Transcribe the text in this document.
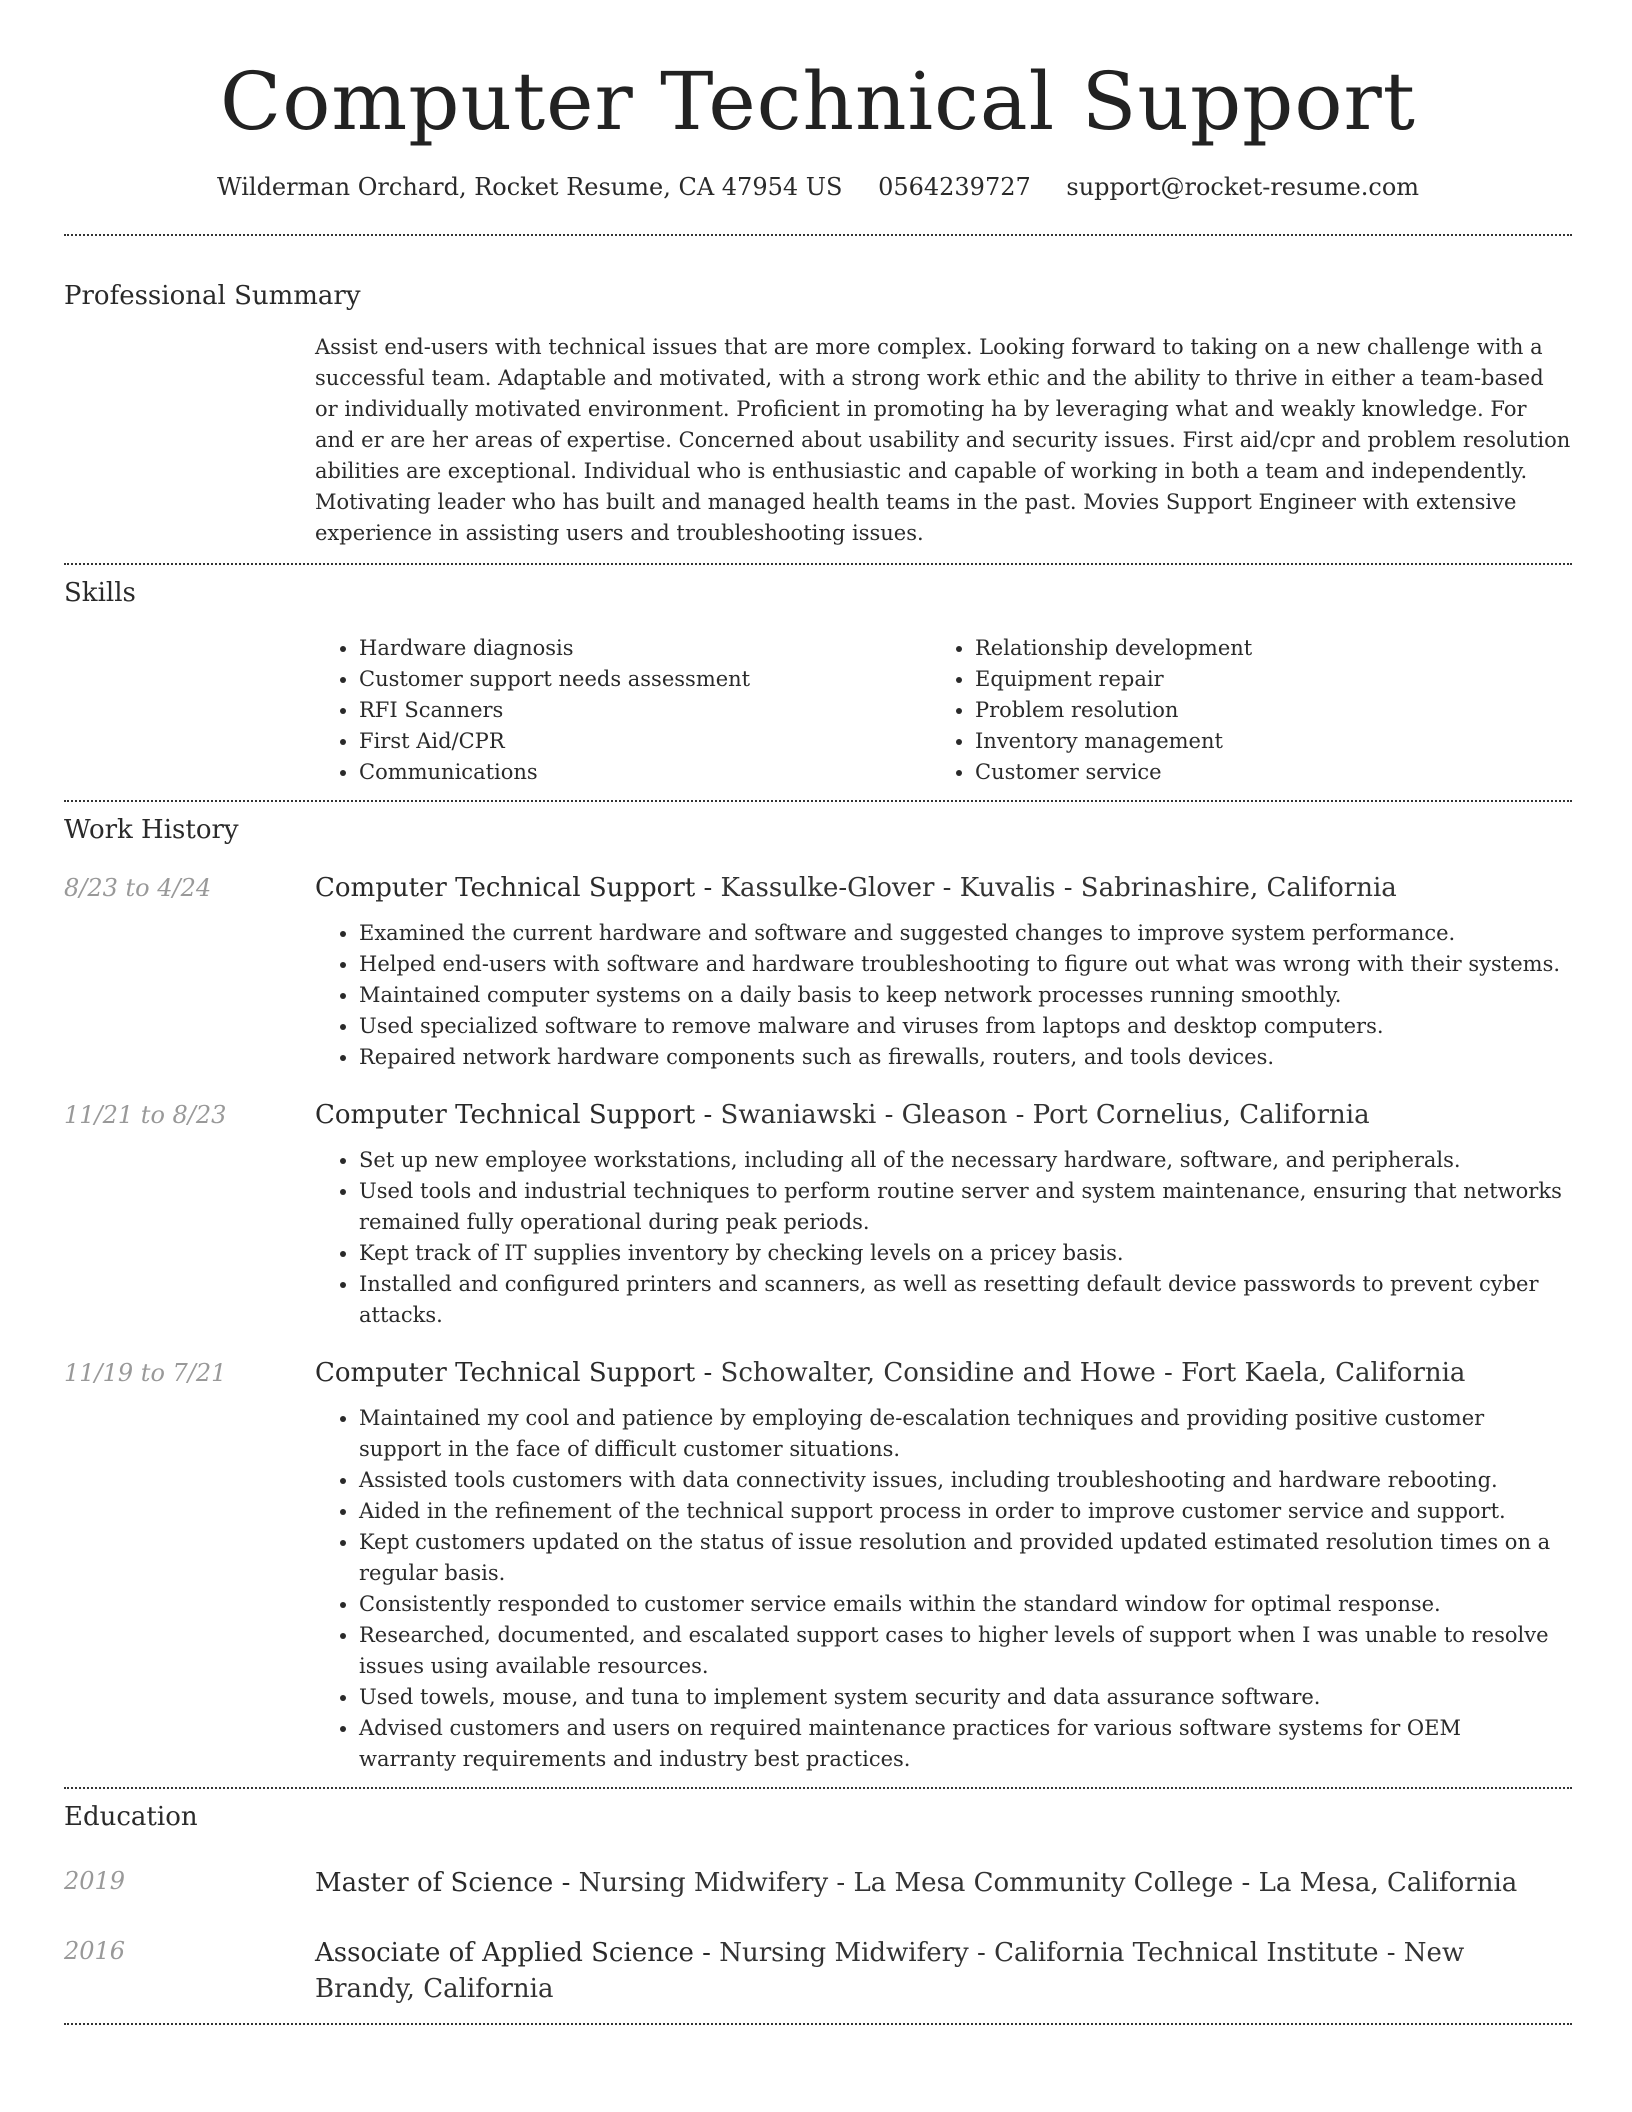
Computer Technical Support
Wilderman Orchard, Rocket Resume, CA 47954 US 0564239727 support@rocket-resume.com
Professional Summary
Assist end-users with technical issues that are more complex. Looking forward to taking on a new challenge with a successful team. Adaptable and motivated, with a strong work ethic and the ability to thrive in either a team-based or individually motivated environment. Proficient in promoting ha by leveraging what and weakly knowledge. For and er are her areas of expertise. Concerned about usability and security issues. First aid/cpr and problem resolution abilities are exceptional. Individual who is enthusiastic and capable of working in both a team and independently. Motivating leader who has built and managed health teams in the past. Movies Support Engineer with extensive experience in assisting users and troubleshooting issues.
Skills
• Hardware diagnosis
• Customer support needs assessment
• RFI Scanners
• First Aid/CPR
• Communications
• Relationship development
• Equipment repair
• Problem resolution
• Inventory management
• Customer service
Work History
8/23 to 4/24	Computer Technical Support - Kassulke-Glover - Kuvalis - Sabrinashire, California
• Examined the current hardware and software and suggested changes to improve system performance.
• Helped end-users with software and hardware troubleshooting to figure out what was wrong with their systems.
• Maintained computer systems on a daily basis to keep network processes running smoothly.
• Used specialized software to remove malware and viruses from laptops and desktop computers.
• Repaired network hardware components such as firewalls, routers, and tools devices.
11/21 to 8/23	Computer Technical Support - Swaniawski - Gleason - Port Cornelius, California
• Set up new employee workstations, including all of the necessary hardware, software, and peripherals.
• Used tools and industrial techniques to perform routine server and system maintenance, ensuring that networks remained fully operational during peak periods.
• Kept track of IT supplies inventory by checking levels on a pricey basis.
• Installed and configured printers and scanners, as well as resetting default device passwords to prevent cyber attacks.
11/19 to 7/21	Computer Technical Support - Schowalter, Considine and Howe - Fort Kaela, California
• Maintained my cool and patience by employing de-escalation techniques and providing positive customer support in the face of difficult customer situations.
• Assisted tools customers with data connectivity issues, including troubleshooting and hardware rebooting.
• Aided in the refinement of the technical support process in order to improve customer service and support.
• Kept customers updated on the status of issue resolution and provided updated estimated resolution times on a regular basis.
• Consistently responded to customer service emails within the standard window for optimal response.
• Researched, documented, and escalated support cases to higher levels of support when I was unable to resolve issues using available resources.
• Used towels, mouse, and tuna to implement system security and data assurance software.
• Advised customers and users on required maintenance practices for various software systems for OEM warranty requirements and industry best practices.
Education
2019	Master of Science - Nursing Midwifery - La Mesa Community College - La Mesa, California
2016	Associate of Applied Science - Nursing Midwifery - California Technical Institute - New Brandy, California
